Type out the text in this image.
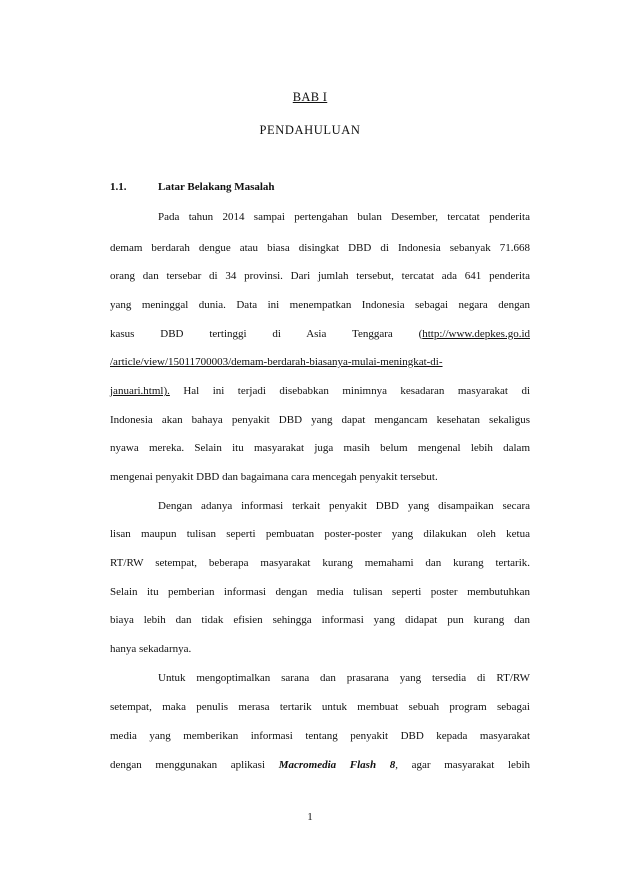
BAB I
PENDAHULUAN
1.1.	Latar Belakang Masalah
Pada tahun 2014 sampai pertengahan bulan Desember, tercatat penderita
demam berdarah dengue atau biasa disingkat DBD di Indonesia sebanyak 71.668
orang dan tersebar di 34 provinsi. Dari jumlah tersebut, tercatat ada 641 penderita
yang meninggal dunia. Data ini menempatkan Indonesia sebagai negara dengan
kasus DBD tertinggi di Asia Tenggara (http://www.depkes.go.id
/article/view/15011700003/demam-berdarah-biasanya-mulai-meningkat-di-
januari.html). Hal ini terjadi disebabkan minimnya kesadaran masyarakat di
Indonesia akan bahaya penyakit DBD yang dapat mengancam kesehatan sekaligus
nyawa mereka. Selain itu masyarakat juga masih belum mengenal lebih dalam
mengenai penyakit DBD dan bagaimana cara mencegah penyakit tersebut.
Dengan adanya informasi terkait penyakit DBD yang disampaikan secara
lisan maupun tulisan seperti pembuatan poster-poster yang dilakukan oleh ketua
RT/RW setempat, beberapa masyarakat kurang memahami dan kurang tertarik.
Selain itu pemberian informasi dengan media tulisan seperti poster membutuhkan
biaya lebih dan tidak efisien sehingga informasi yang didapat pun kurang dan
hanya sekadarnya.
Untuk mengoptimalkan sarana dan prasarana yang tersedia di RT/RW
setempat, maka penulis merasa tertarik untuk membuat sebuah program sebagai
media yang memberikan informasi tentang penyakit DBD kepada masyarakat
dengan menggunakan aplikasi Macromedia Flash 8, agar masyarakat lebih
1
